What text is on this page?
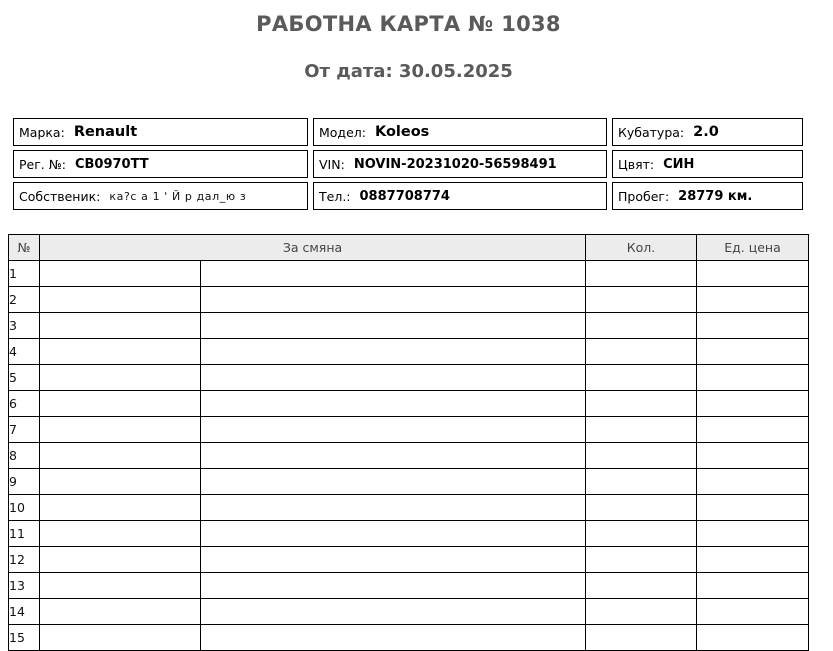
РАБОТНА КАРТА № 1038
От дата: 30.05.2025
Марка: Renault	Модел: Koleos	Кубатура: 2.0
Рег. №: CB0970TT	VIN: NOVIN-20231020-56598491	Цвят: СИН
Собственик: ка?с а 1 ' Й р дал_ю з	Тел.: 0887708774	Пробег: 28779 км.
№	За смяна		Кол.	Ед. цена
1				
2				
3				
4				
5				
6				
7				
8				
9				
10				
11				
12				
13				
14				
15				
